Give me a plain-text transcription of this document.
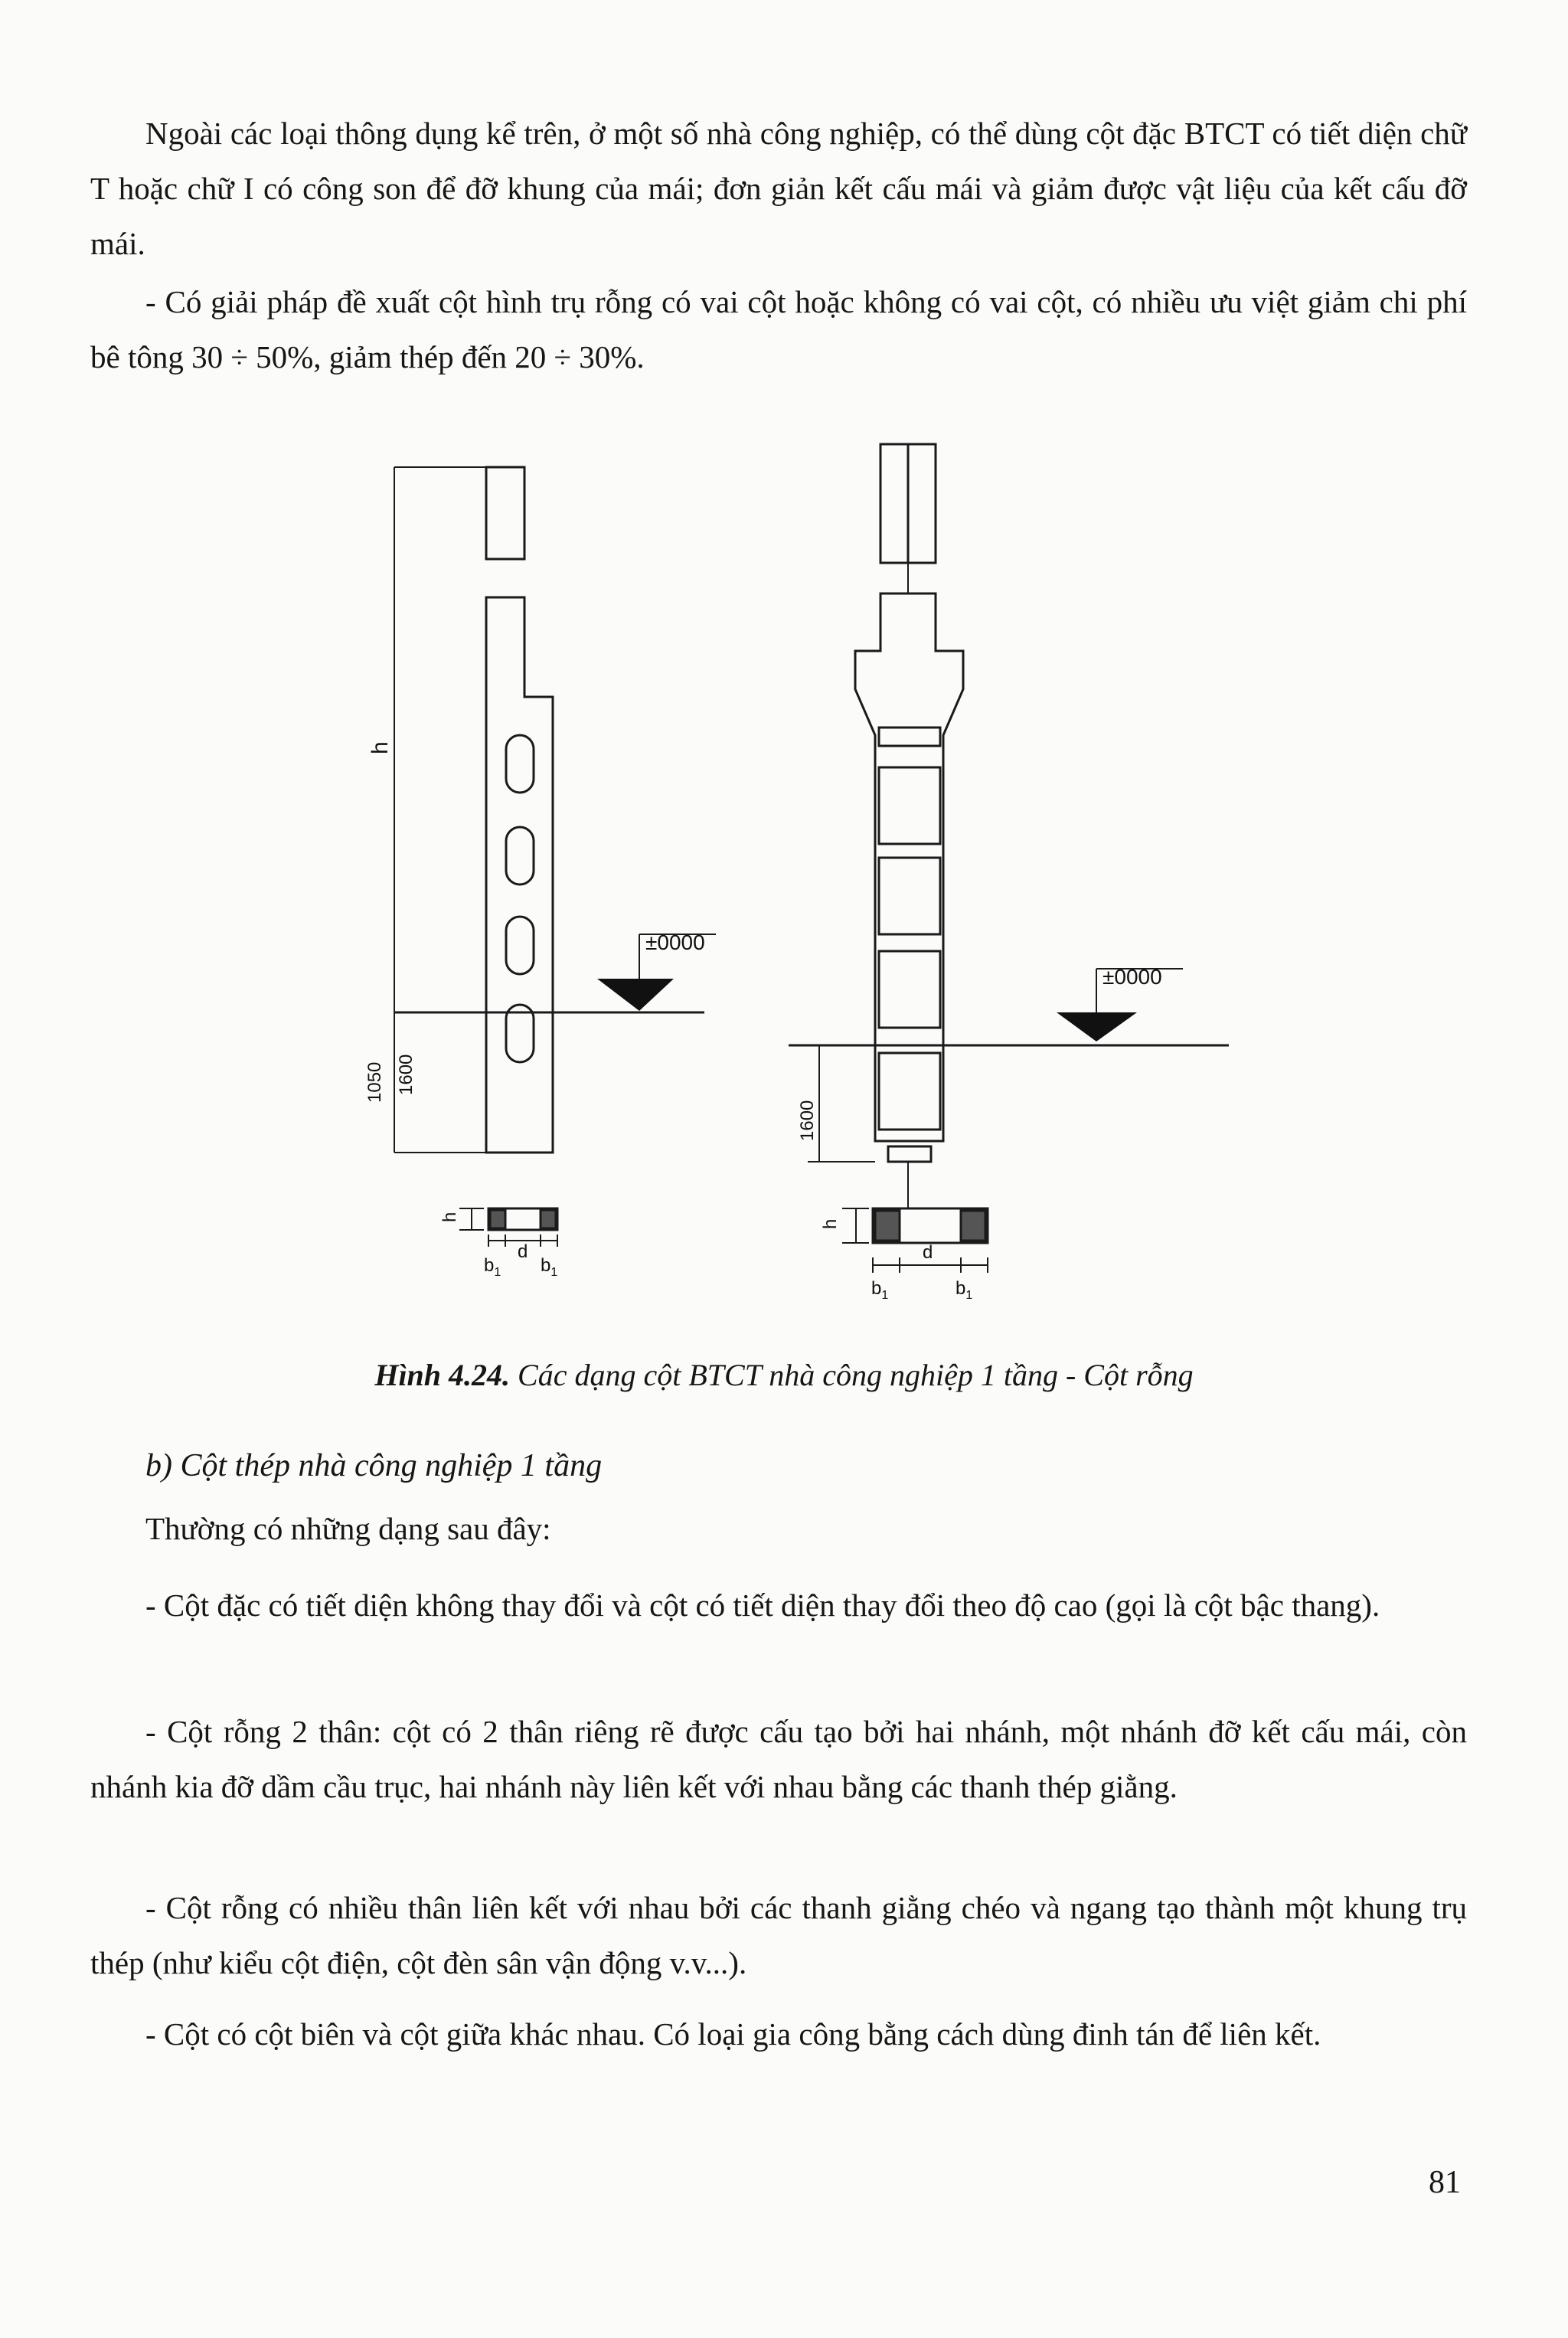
Ngoài các loại thông dụng kể trên, ở một số nhà công nghiệp, có thể dùng cột đặc BTCT có tiết diện chữ T hoặc chữ I có công son để đỡ khung của mái; đơn giản kết cấu mái và giảm được vật liệu của kết cấu đỡ mái.

- Có giải pháp đề xuất cột hình trụ rỗng có vai cột hoặc không có vai cột, có nhiều ưu việt giảm chi phí bê tông 30 ÷ 50%, giảm thép đến 20 ÷ 30%.

h
1050 1600
±0000
h
d
$b_1$ $b_1$
1600
±0000
h
d
$b_1$	$b_1$

Hình 4.24. Các dạng cột BTCT nhà công nghiệp 1 tầng - Cột rỗng

b) Cột thép nhà công nghiệp 1 tầng

Thường có những dạng sau đây:

- Cột đặc có tiết diện không thay đổi và cột có tiết diện thay đổi theo độ cao (gọi là cột bậc thang).

- Cột rỗng 2 thân: cột có 2 thân riêng rẽ được cấu tạo bởi hai nhánh, một nhánh đỡ kết cấu mái, còn nhánh kia đỡ dầm cầu trục, hai nhánh này liên kết với nhau bằng các thanh thép giằng.

- Cột rỗng có nhiều thân liên kết với nhau bởi các thanh giằng chéo và ngang tạo thành một khung trụ thép (như kiểu cột điện, cột đèn sân vận động v.v...).

- Cột có cột biên và cột giữa khác nhau. Có loại gia công bằng cách dùng đinh tán để liên kết.

81
